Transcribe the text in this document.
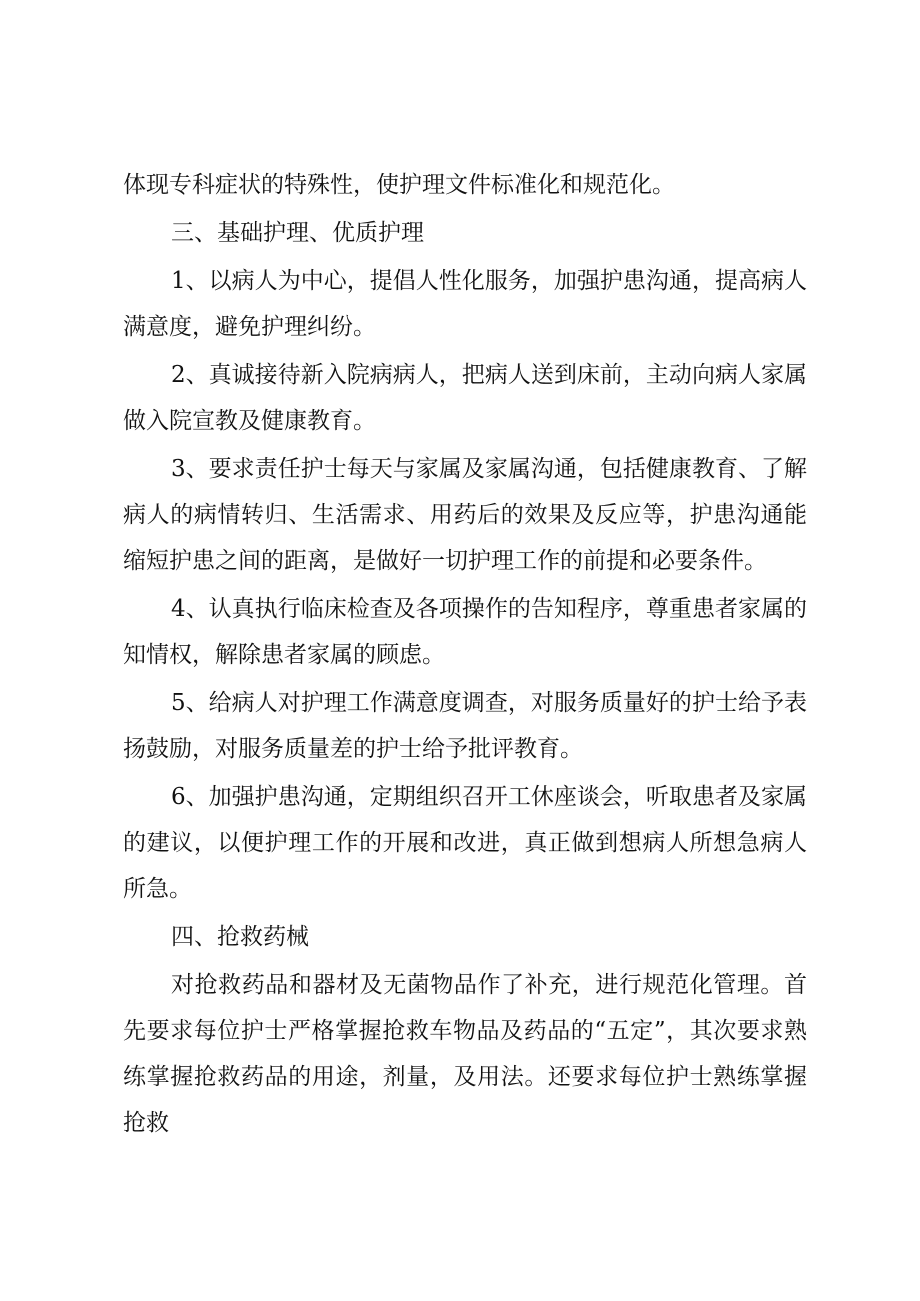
体现专科症状的特殊性，使护理文件标准化和规范化。

三、基础护理、优质护理

1、以病人为中心，提倡人性化服务，加强护患沟通，提高病人满意度，避免护理纠纷。

2、真诚接待新入院病病人，把病人送到床前，主动向病人家属做入院宣教及健康教育。

3、要求责任护士每天与家属及家属沟通，包括健康教育、了解病人的病情转归、生活需求、用药后的效果及反应等，护患沟通能缩短护患之间的距离，是做好一切护理工作的前提和必要条件。

4、认真执行临床检查及各项操作的告知程序，尊重患者家属的知情权，解除患者家属的顾虑。

5、给病人对护理工作满意度调查，对服务质量好的护士给予表扬鼓励，对服务质量差的护士给予批评教育。

6、加强护患沟通，定期组织召开工休座谈会，听取患者及家属的建议，以便护理工作的开展和改进，真正做到想病人所想急病人所急。

四、抢救药械

对抢救药品和器材及无菌物品作了补充，进行规范化管理。首先要求每位护士严格掌握抢救车物品及药品的“五定”，其次要求熟练掌握抢救药品的用途，剂量，及用法。还要求每位护士熟练掌握抢救
